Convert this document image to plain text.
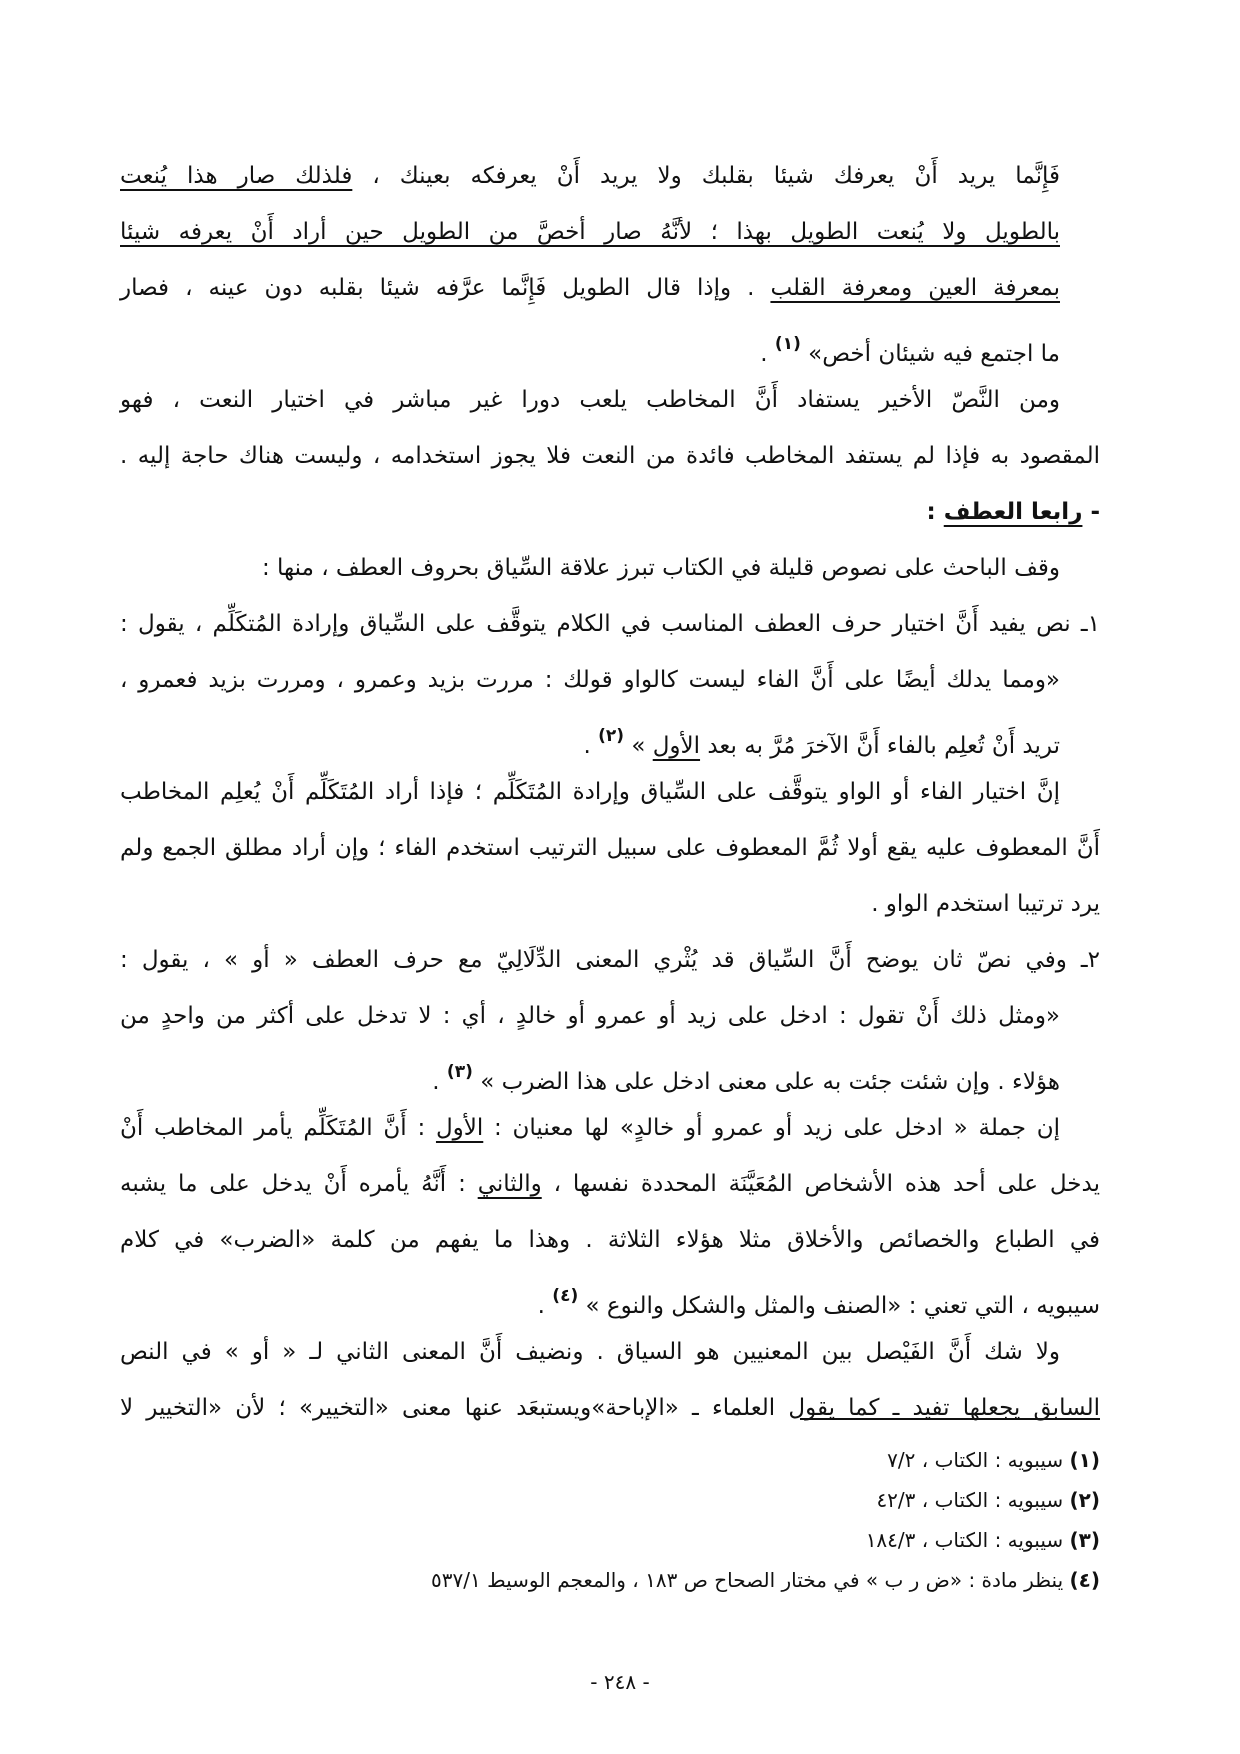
فَإِنَّما يريد أَنْ يعرفك شيئا بقلبك ولا يريد أَنْ يعرفكه بعينك ، فلذلك صار هذا يُنعت
بالطويل ولا يُنعت الطويل بهذا ؛ لأنَّهُ صار أخصَّ من الطويل حين أراد أَنْ يعرفه شيئا
بمعرفة العين ومعرفة القلب . وإذا قال الطويل فَإِنَّما عرَّفه شيئا بقلبه دون عينه ، فصار
ما اجتمع فيه شيئان أخص» $^{(١)}$ .
ومن النَّصّ الأخير يستفاد أَنَّ المخاطب يلعب دورا غير مباشر في اختيار النعت ، فهو
المقصود به فإذا لم يستفد المخاطب فائدة من النعت فلا يجوز استخدامه ، وليست هناك حاجة إليه .
- رابعا العطف :
وقف الباحث على نصوص قليلة في الكتاب تبرز علاقة السِّياق بحروف العطف ، منها :
١ـ نص يفيد أَنَّ اختيار حرف العطف المناسب في الكلام يتوقَّف على السِّياق وإرادة المُتكَلِّم ، يقول :
«ومما يدلك أيضًا على أَنَّ الفاء ليست كالواو قولك : مررت بزيد وعمرو ، ومررت بزيد فعمرو ،
تريد أَنْ تُعلِم بالفاء أَنَّ الآخرَ مُرَّ به بعد الأول » $^{(٢)}$ .
إنَّ اختيار الفاء أو الواو يتوقَّف على السِّياق وإرادة المُتَكَلِّم ؛ فإذا أراد المُتَكَلِّم أَنْ يُعلِم المخاطب
أَنَّ المعطوف عليه يقع أولا ثُمَّ المعطوف على سبيل الترتيب استخدم الفاء ؛ وإن أراد مطلق الجمع ولم
يرد ترتيبا استخدم الواو .
٢ـ وفي نصّ ثان يوضح أَنَّ السِّياق قد يُثْري المعنى الدِّلَالِيّ مع حرف العطف « أو » ، يقول :
«ومثل ذلك أَنْ تقول : ادخل على زيد أو عمرو أو خالدٍ ، أي : لا تدخل على أكثر من واحدٍ من
هؤلاء . وإن شئت جئت به على معنى ادخل على هذا الضرب » $^{(٣)}$ .
إن جملة « ادخل على زيد أو عمرو أو خالدٍ» لها معنيان : الأول : أَنَّ المُتَكَلِّم يأمر المخاطب أَنْ
يدخل على أحد هذه الأشخاص المُعَيَّنَة المحددة نفسها ، والثاني : أَنَّهُ يأمره أَنْ يدخل على ما يشبه
في الطباع والخصائص والأخلاق مثلا هؤلاء الثلاثة . وهذا ما يفهم من كلمة «الضرب» في كلام
سيبويه ، التي تعني : «الصنف والمثل والشكل والنوع » $^{(٤)}$ .
ولا شك أَنَّ الفَيْصل بين المعنيين هو السياق . ونضيف أَنَّ المعنى الثاني لـ « أو » في النص
السابق يجعلها تفيد ـ كما يقول العلماء ـ «الإباحة»ويستبعَد عنها معنى «التخيير» ؛ لأن «التخيير لا
(١) سيبويه : الكتاب ، ٧/٢
(٢) سيبويه : الكتاب ، ٤٢/٣
(٣) سيبويه : الكتاب ، ١٨٤/٣
(٤) ينظر مادة : «ض ر ب » في مختار الصحاح ص ١٨٣ ، والمعجم الوسيط ٥٣٧/١
- ٢٤٨ -
